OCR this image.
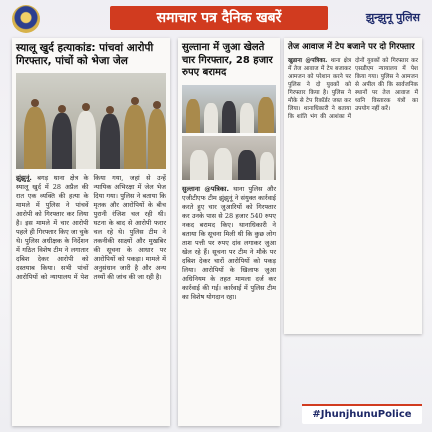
समाचार पत्र दैनिक खबरें	झुन्झुनू पुलिस
स्यालू खुर्द हत्याकांड: पांचवां आरोपी गिरफ्तार, पांचों को भेजा जेल
झुंझुनूं. बगड़ थाना क्षेत्र के स्यालू खुर्द में 28 अप्रैल की रात एक व्यक्ति की हत्या के मामले में पुलिस ने पांचवें आरोपी को गिरफ्तार कर लिया है। इस मामले में चार आरोपी पहले ही गिरफ्तार किए जा चुके थे। पुलिस अधीक्षक के निर्देशन में गठित विशेष टीम ने लगातार दबिश देकर आरोपी को दस्तयाब किया। सभी पांचों आरोपियों को न्यायालय में पेश किया गया, जहां से उन्हें न्यायिक अभिरक्षा में जेल भेज दिया गया। पुलिस ने बताया कि मृतक और आरोपियों के बीच पुरानी रंजिश चल रही थी। घटना के बाद से आरोपी फरार चल रहे थे। पुलिस टीम ने तकनीकी साक्ष्यों और मुखबिर की सूचना के आधार पर आरोपियों को पकड़ा। मामले में अनुसंधान जारी है और अन्य तथ्यों की जांच की जा रही है।
सुल्ताना में जुआ खेलते चार गिरफ्तार, 28 हजार रुपए बरामद
सुल्ताना @पत्रिका. थाना पुलिस और एजीटीएफ टीम झुंझुनूं ने संयुक्त कार्रवाई करते हुए चार जुआरियों को गिरफ्तार कर उनके पास से 28 हजार 540 रुपए नकद बरामद किए। थानाधिकारी ने बताया कि सूचना मिली थी कि कुछ लोग ताश पत्ती पर रुपए दांव लगाकर जुआ खेल रहे हैं। सूचना पर टीम ने मौके पर दबिश देकर चारों आरोपियों को पकड़ लिया। आरोपियों के खिलाफ जुआ अधिनियम के तहत मामला दर्ज कर कार्रवाई की गई। कार्रवाई में पुलिस टीम का विशेष योगदान रहा।
तेज आवाज में टेप बजाने पर दो गिरफ्तार
खुडाना @पत्रिका. थाना क्षेत्र में तेज आवाज में टेप बजाकर आमजन को परेशान करने पर पुलिस ने दो युवकों को गिरफ्तार किया है। पुलिस ने मौके से टेप रिकॉर्डर जब्त कर लिया। थानाधिकारी ने बताया कि शांति भंग की आशंका में दोनों युवकों को गिरफ्तार कर एसडीएम न्यायालय में पेश किया गया। पुलिस ने आमजन से अपील की कि सार्वजनिक स्थानों पर तेज आवाज में ध्वनि विस्तारक यंत्रों का उपयोग नहीं करें।
#JhunjhunuPolice
